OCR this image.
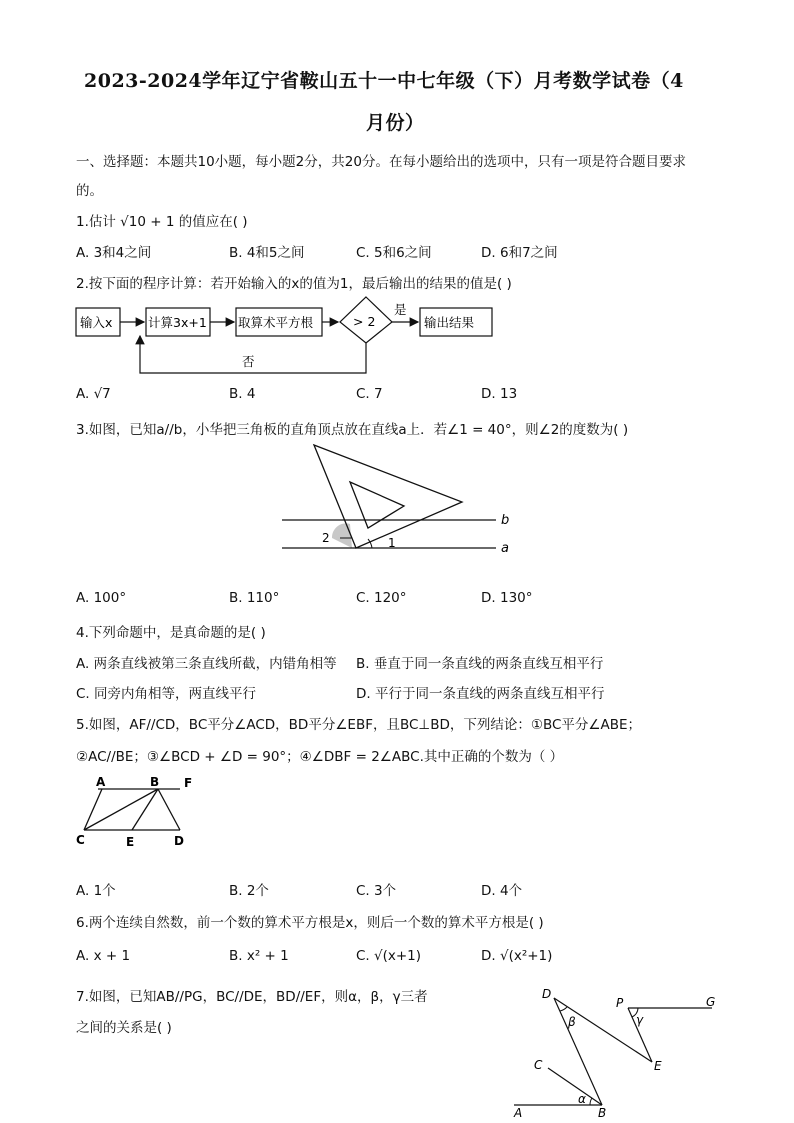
2023-2024学年辽宁省鞍山五十一中七年级（下）月考数学试卷（4
月份）
一、选择题：本题共10小题，每小题2分，共20分。在每小题给出的选项中，只有一项是符合题目要求
的。
1.估计 √10 + 1 的值应在( )
A. 3和4之间	B. 4和5之间	C. 5和6之间	D. 6和7之间
2.按下面的程序计算：若开始输入的x的值为1，最后输出的结果的值是( )
输入x	计算3x+1 取算术平方根	> 2
是
输出结果
否
A. √7	B. 4	C. 7	D. 13
3.如图，已知a//b，小华把三角板的直角顶点放在直线a上．若∠1 = 40°，则∠2的度数为( )
b
a
1
2
A. 100°	B. 110°	C. 120°	D. 130°
4.下列命题中，是真命题的是( )
A. 两条直线被第三条直线所截，内错角相等 B. 垂直于同一条直线的两条直线互相平行
C. 同旁内角相等，两直线平行	D. 平行于同一条直线的两条直线互相平行
5.如图，AF//CD，BC平分∠ACD，BD平分∠EBF，且BC⊥BD，下列结论：①BC平分∠ABE；
②AC//BE；③∠BCD + ∠D = 90°；④∠DBF = 2∠ABC.其中正确的个数为（ ）
A	B F
C	E	D
A. 1个	B. 2个	C. 3个	D. 4个
6.两个连续自然数，前一个数的算术平方根是x，则后一个数的算术平方根是( )
A. x + 1	B. x² + 1	C. √(x+1)	D. √(x²+1)
7.如图，已知AB//PG，BC//DE，BD//EF，则α，β，γ三者
之间的关系是( )
D
P	G
C	E
A	B
β	γ
α
